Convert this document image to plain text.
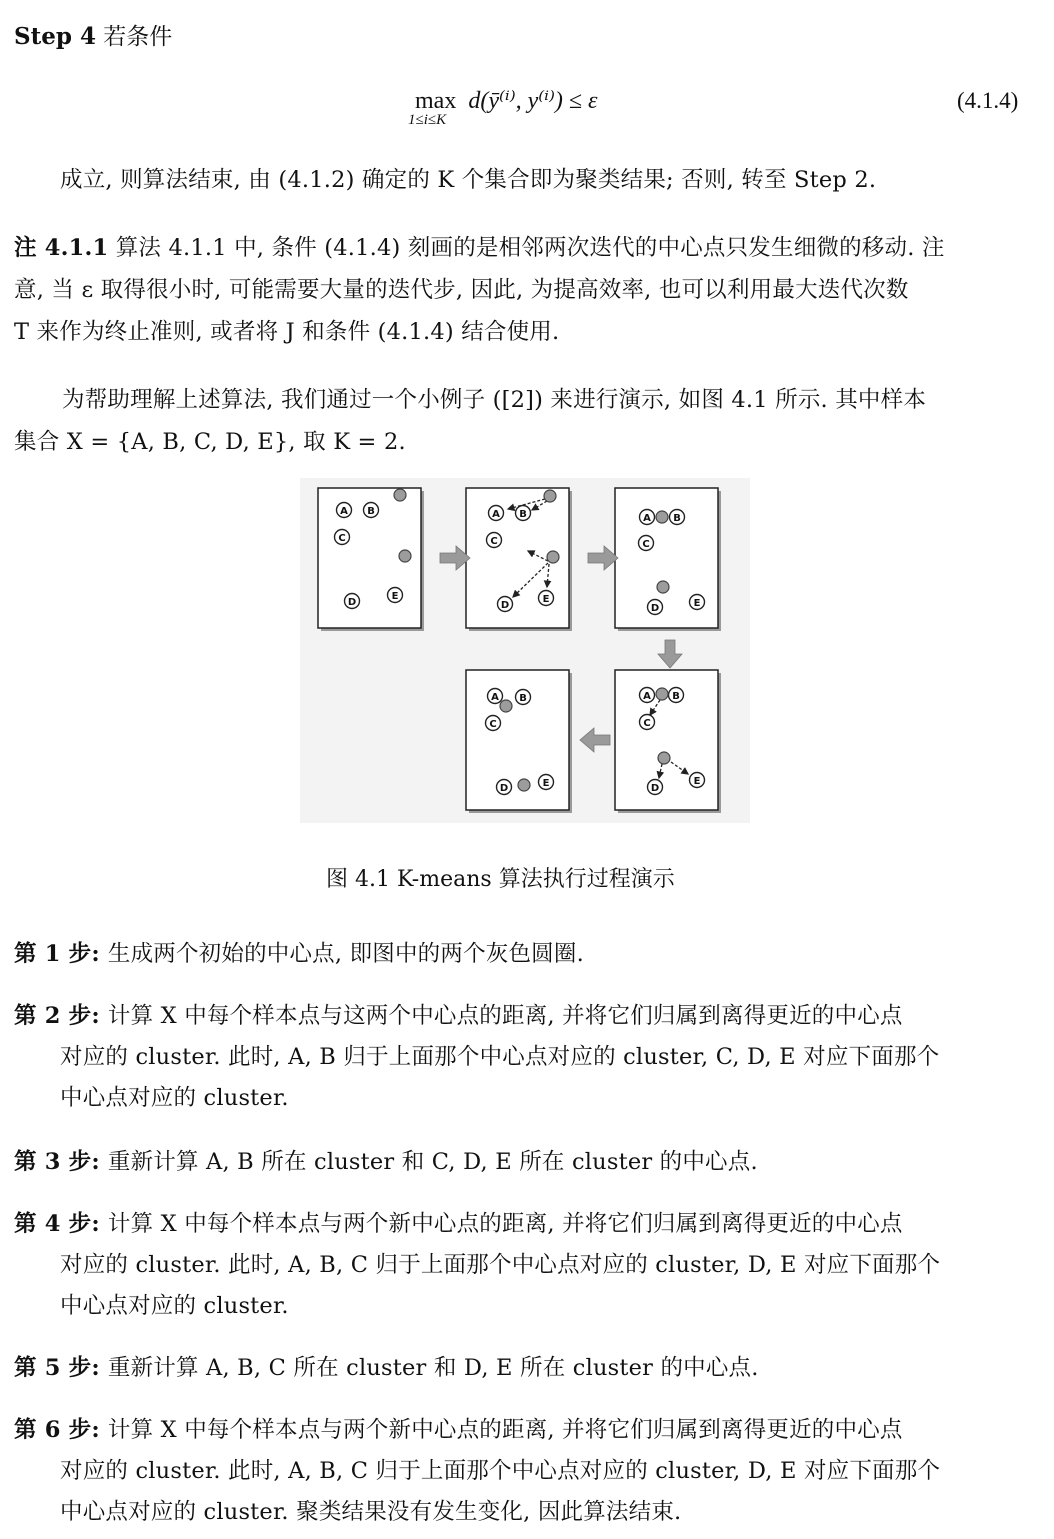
Step 4 若条件
max d(ȳ⁽ⁱ⁾, y⁽ⁱ⁾) ≤ ε
1≤i≤K
(4.1.4)
成立, 则算法结束, 由 (4.1.2) 确定的 K 个集合即为聚类结果; 否则, 转至 Step 2.
注 4.1.1 算法 4.1.1 中, 条件 (4.1.4) 刻画的是相邻两次迭代的中心点只发生细微的移动. 注
意, 当 ε 取得很小时, 可能需要大量的迭代步, 因此, 为提高效率, 也可以利用最大迭代次数
T 来作为终止准则, 或者将 J 和条件 (4.1.4) 结合使用.
为帮助理解上述算法, 我们通过一个小例子 ([2]) 来进行演示, 如图 4.1 所示. 其中样本
集合 X = {A, B, C, D, E}, 取 K = 2.
A B
C
D
E
A B
C
D
E
A B
C
D	E
A B
C
D
E
A B
C
D	E
图 4.1 K-means 算法执行过程演示
第 1 步: 生成两个初始的中心点, 即图中的两个灰色圆圈.
第 2 步: 计算 X 中每个样本点与这两个中心点的距离, 并将它们归属到离得更近的中心点
对应的 cluster. 此时, A, B 归于上面那个中心点对应的 cluster, C, D, E 对应下面那个
中心点对应的 cluster.
第 3 步: 重新计算 A, B 所在 cluster 和 C, D, E 所在 cluster 的中心点.
第 4 步: 计算 X 中每个样本点与两个新中心点的距离, 并将它们归属到离得更近的中心点
对应的 cluster. 此时, A, B, C 归于上面那个中心点对应的 cluster, D, E 对应下面那个
中心点对应的 cluster.
第 5 步: 重新计算 A, B, C 所在 cluster 和 D, E 所在 cluster 的中心点.
第 6 步: 计算 X 中每个样本点与两个新中心点的距离, 并将它们归属到离得更近的中心点
对应的 cluster. 此时, A, B, C 归于上面那个中心点对应的 cluster, D, E 对应下面那个
中心点对应的 cluster. 聚类结果没有发生变化, 因此算法结束.
